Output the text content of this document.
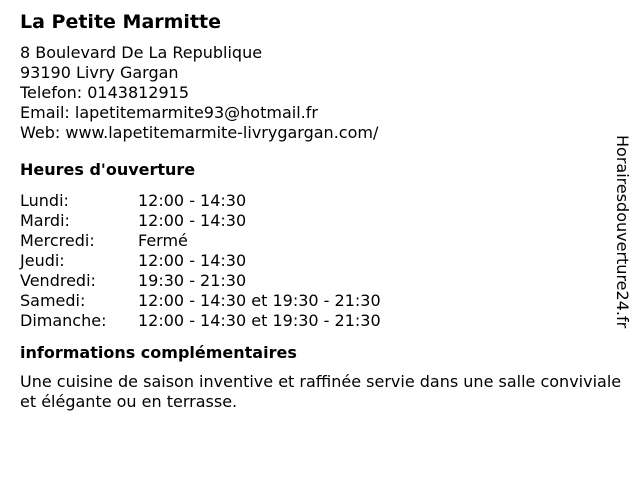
La Petite Marmitte
8 Boulevard De La Republique
93190 Livry Gargan
Telefon: 0143812915
Email: lapetitemarmite93@hotmail.fr
Web: www.lapetitemarmite-livrygargan.com/
Heures d'ouverture
Lundi:	12:00 - 14:30
Mardi:	12:00 - 14:30
Mercredi:	Fermé
Jeudi:	12:00 - 14:30
Vendredi:	19:30 - 21:30
Samedi:	12:00 - 14:30 et 19:30 - 21:30
Dimanche:	12:00 - 14:30 et 19:30 - 21:30
informations complémentaires
Une cuisine de saison inventive et raffinée servie dans une salle conviviale et élégante ou en terrasse.
Horairesdouverture24.fr
